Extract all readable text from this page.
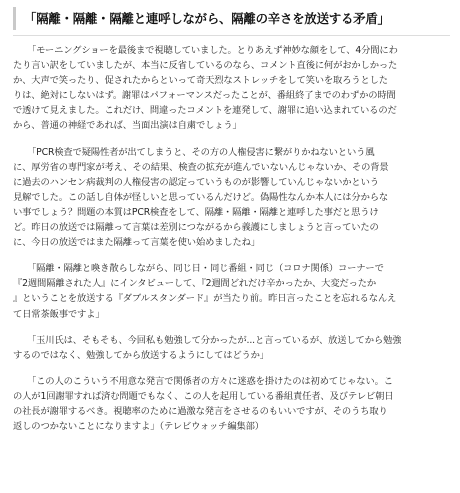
「隔離・隔離・隔離と連呼しながら、隔離の辛さを放送する矛盾」

「モーニングショーを最後まで視聴していました。とりあえず神妙な顔をして、4分間にわ
たり言い訳をしていましたが、本当に反省しているのなら、コメント直後に何がおかしかった
か、大声で笑ったり、促されたからといって奇天烈なストレッチをして笑いを取ろうとした
りは、絶対にしないはず。謝罪はパフォーマンスだったことが、番組終了までのわずかの時間
で透けて見えました。これだけ、問違ったコメントを連発して、謝罪に追い込まれているのだ
から、普通の神経であれば、当面出演は自粛でしょう」

「PCR検査で疑陽性者が出てしまうと、その方の人権侵害に繋がりかねないという風
に、厚労省の専門家が考え、その結果、検査の拡充が進んでいないんじゃないか、その背景
に過去のハンセン病裁判の人権侵害の認定っていうものが影響していんじゃないかという
見解でした。この話し自体が怪しいと思っているんだけど。偽陽性なんか本人には分からな
い事でしょう？問題の本質はPCR検査をして、隔離・隔離・隔離と連呼した事だと思うけ
ど。昨日の放送では隔離って言葉は差別につながるから義護にしましょうと言っていたの
に、今日の放送ではまた隔離って言葉を使い始めましたね」

「隔離・隔離と喚き散らしながら、同じ日・同じ番組・同じ（コロナ関係）コーナーで
『2週間隔離された人』にインタビューして、『2週間どれだけ辛かったか、大変だったか
』ということを放送する『ダブルスタンダード』が当たり前。昨日言ったことを忘れるなんえ
て日常茶飯事ですよ」

「玉川氏は、そもそも、今回私も勉強して分かったが...と言っているが、放送してから勉強
するのではなく、勉強してから放送するようにしてはどうか」

「この人のこういう不用意な発言で関係者の方々に迷惑を掛けたのは初めてじゃない。こ
の人が1回謝罪すれば済む問題でもなく、この人を起用している番組責任者、及びテレビ朝日
の社長が謝罪するべき。視聴率のために過激な発言をさせるのもいいですが、そのうち取り
返しのつかないことになりますよ」（テレビウォッチ編集部）
